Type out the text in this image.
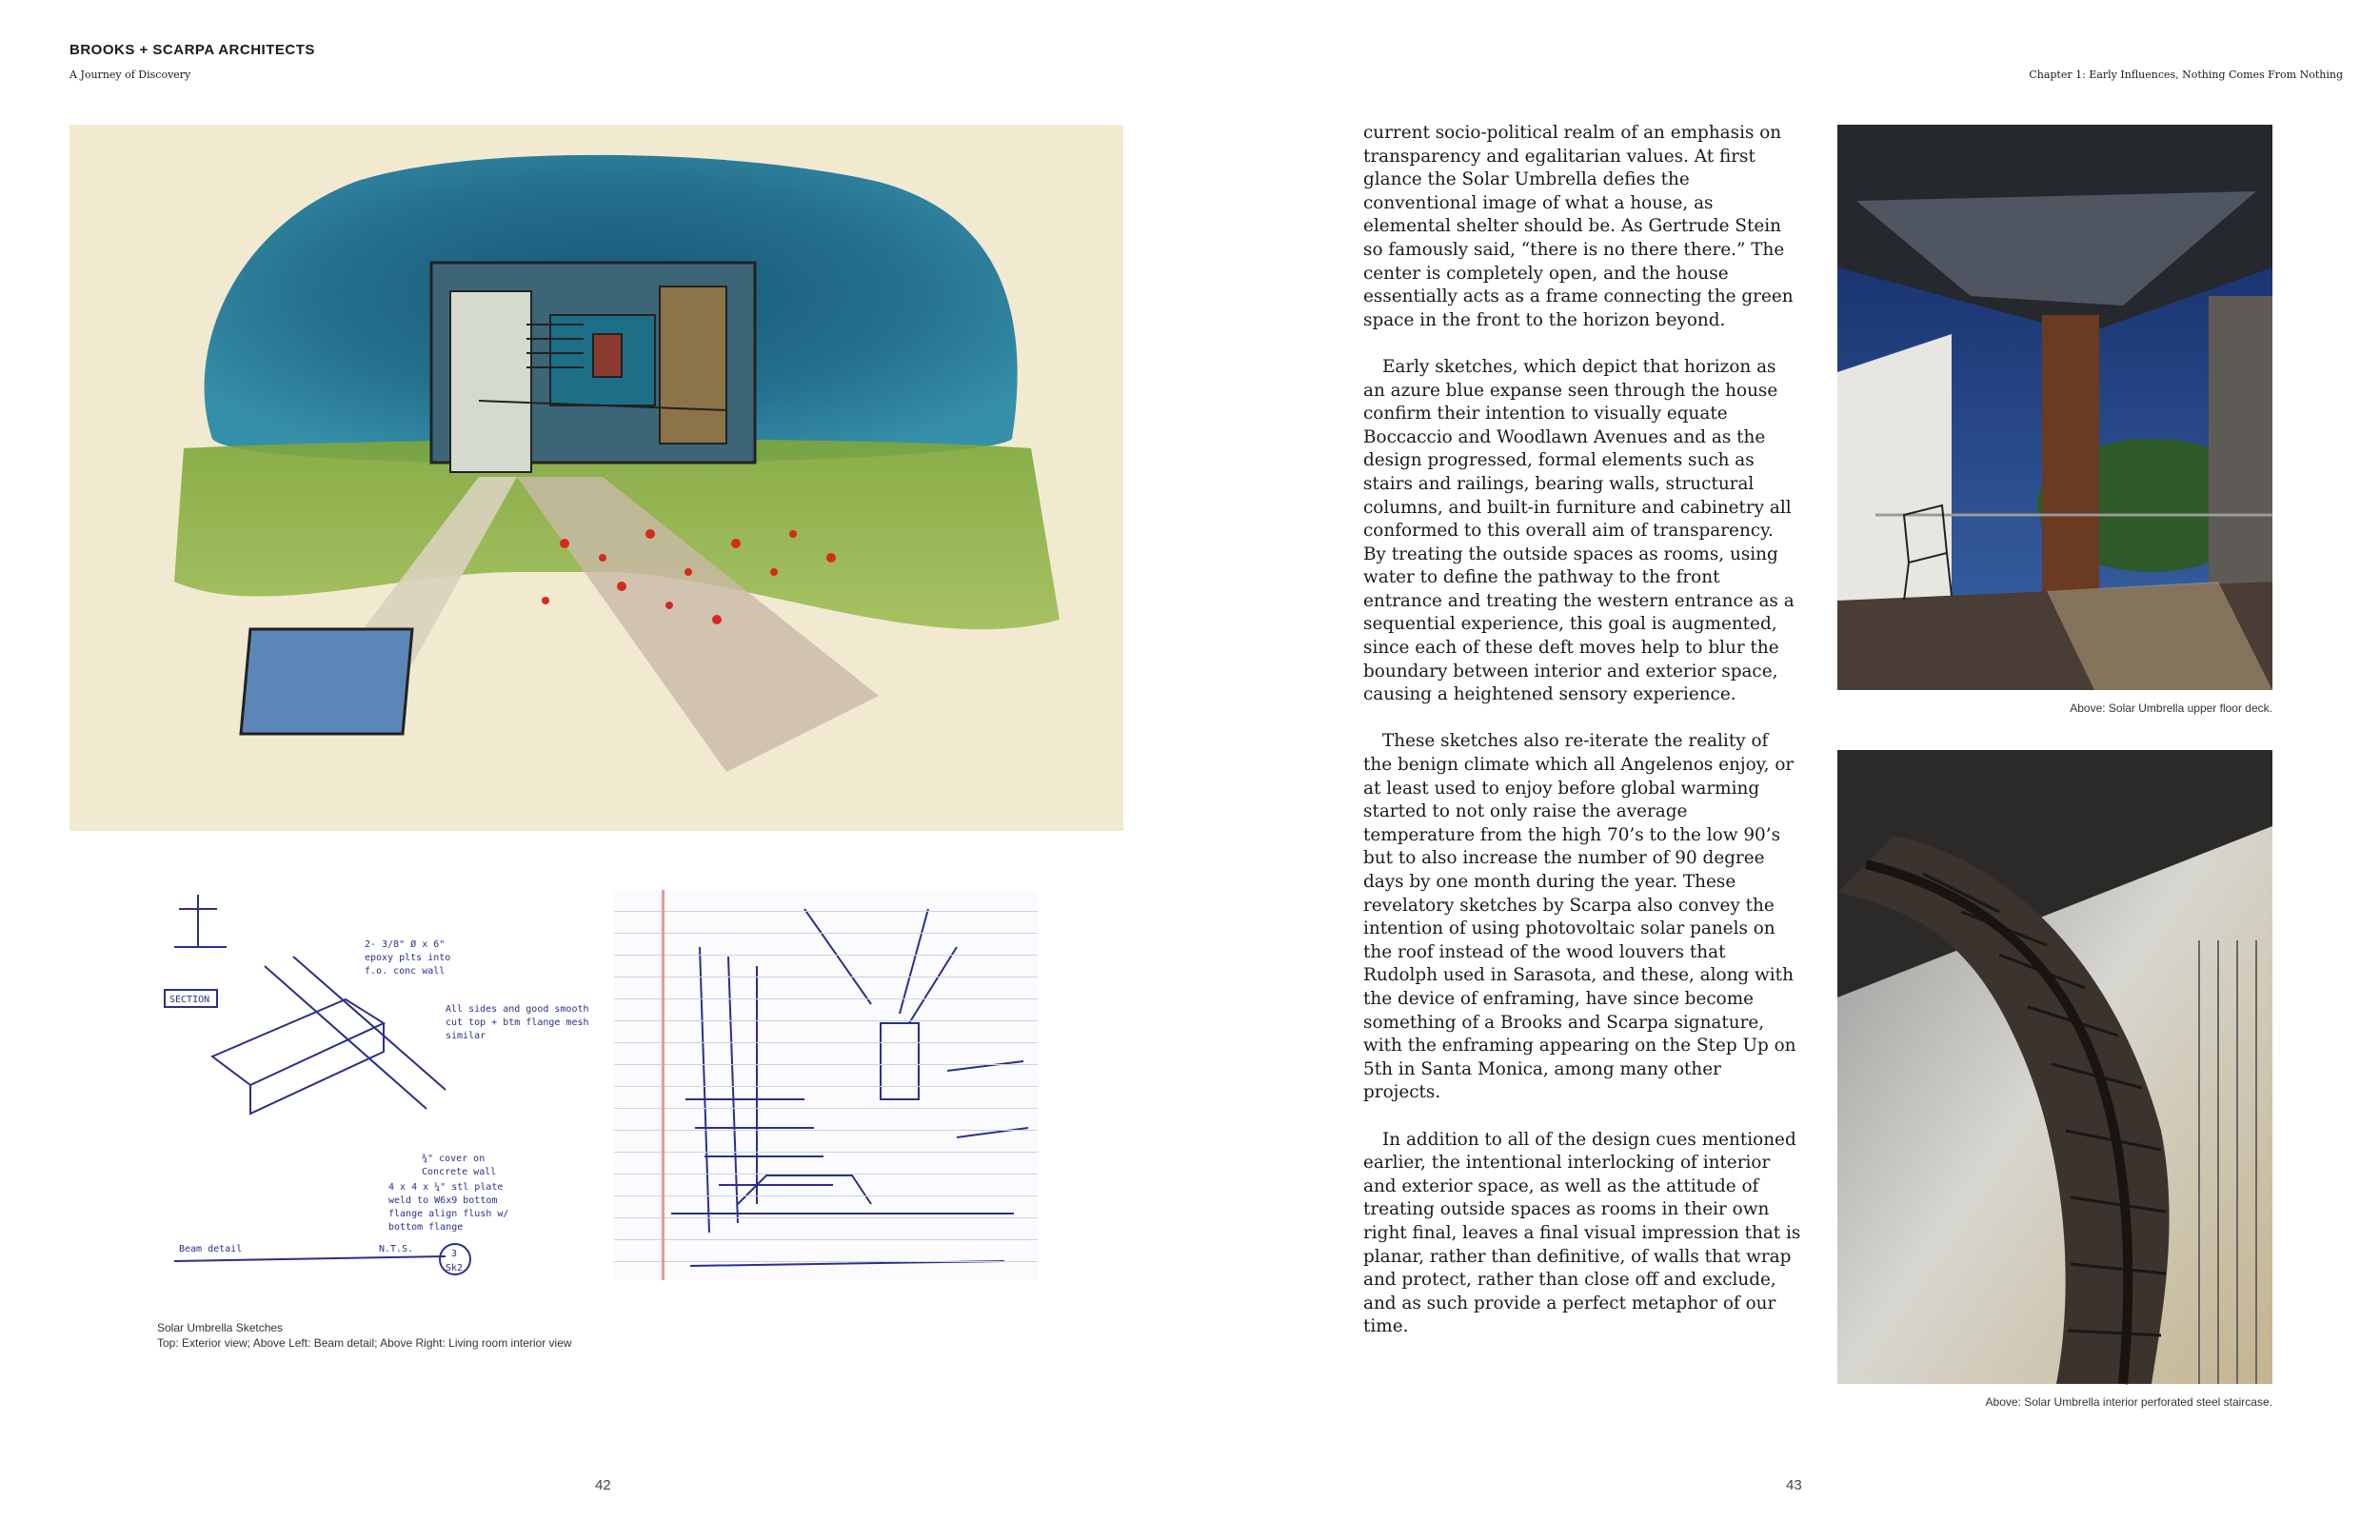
BROOKS + SCARPA ARCHITECTS
A Journey of Discovery	Chapter 1: Early Influences, Nothing Comes From Nothing
2- 3/8" Ø x 6"
epoxy plts into
f.o. conc wall
SECTION
All sides and good smooth
cut top + btm flange mesh
similar
¾" cover on
Concrete wall
4 x 4 x ¼" stl plate
weld to W6x9 bottom
flange align flush w/
bottom flange
Beam detail	N.T.S.	3
Sk2
Solar Umbrella Sketches
Top: Exterior view; Above Left: Beam detail; Above Right: Living room interior view
42

current socio-political realm of an emphasis on transparency and egalitarian values. At first glance the Solar Umbrella defies the conventional image of what a house, as elemental shelter should be. As Gertrude Stein so famously said, “there is no there there.” The center is completely open, and the house essentially acts as a frame connecting the green space in the front to the horizon beyond.

Early sketches, which depict that horizon as an azure blue expanse seen through the house confirm their intention to visually equate Boccaccio and Woodlawn Avenues and as the design progressed, formal elements such as stairs and railings, bearing walls, structural columns, and built-in furniture and cabinetry all conformed to this overall aim of transparency. By treating the outside spaces as rooms, using water to define the pathway to the front entrance and treating the western entrance as a sequential experience, this goal is augmented, since each of these deft moves help to blur the boundary between interior and exterior space, causing a heightened sensory experience.

These sketches also re-iterate the reality of the benign climate which all Angelenos enjoy, or at least used to enjoy before global warming started to not only raise the average temperature from the high 70’s to the low 90’s but to also increase the number of 90 degree days by one month during the year. These revelatory sketches by Scarpa also convey the intention of using photovoltaic solar panels on the roof instead of the wood louvers that Rudolph used in Sarasota, and these, along with the device of enframing, have since become something of a Brooks and Scarpa signature, with the enframing appearing on the Step Up on 5th in Santa Monica, among many other projects.

In addition to all of the design cues mentioned earlier, the intentional interlocking of interior and exterior space, as well as the attitude of treating outside spaces as rooms in their own right final, leaves a final visual impression that is planar, rather than definitive, of walls that wrap and protect, rather than close off and exclude, and as such provide a perfect metaphor of our time.

Above: Solar Umbrella upper floor deck.
Above: Solar Umbrella interior perforated steel staircase.
43
